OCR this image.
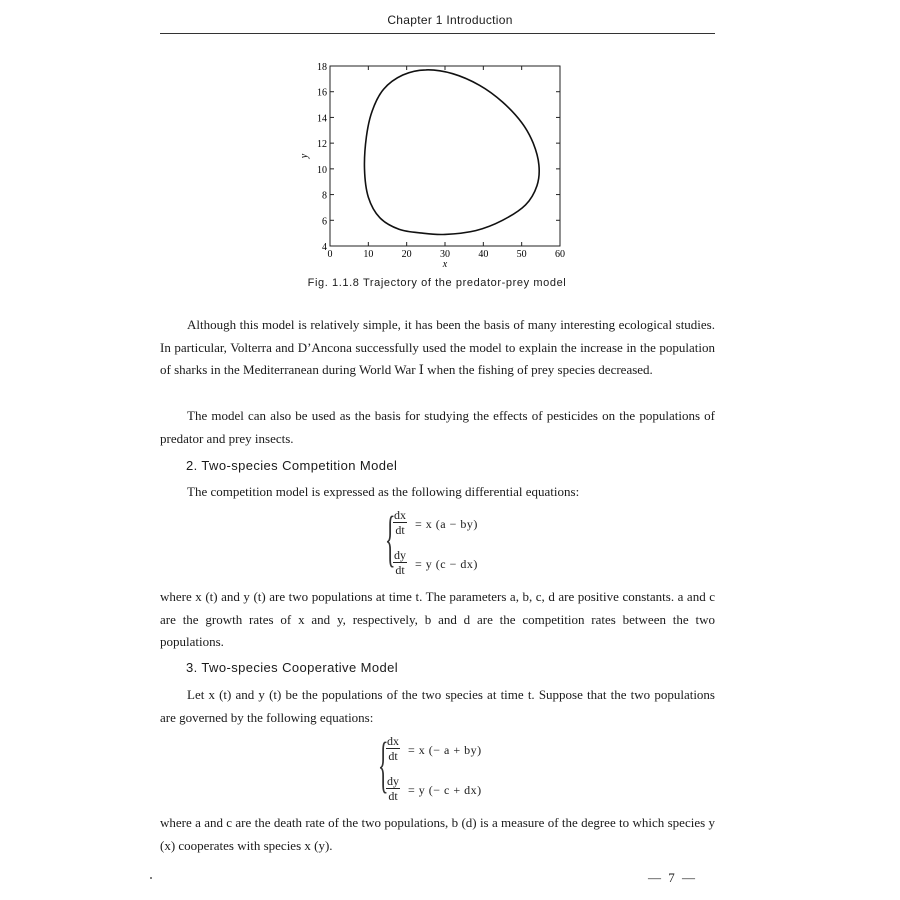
Chapter 1 Introduction
0	10	20	30	40	50	60
4
6
8
10
12
14
16
18
x
y
Fig. 1.1.8 Trajectory of the predator-prey model

Although this model is relatively simple, it has been the basis of many interesting ecological studies. In particular, Volterra and D’Ancona successfully used the model to explain the increase in the population of sharks in the Mediterranean during World War Ⅰ when the fishing of prey species decreased.

The model can also be used as the basis for studying the effects of pesticides on the populations of predator and prey insects.

2. Two-species Competition Model

The competition model is expressed as the following differential equations:

{
$\frac{dx}{dt} = x$ (a − by)
$\frac{dy}{dt} = y$ (c − dx)

where x (t) and y (t) are two populations at time t. The parameters a, b, c, d are positive constants. a and c are the growth rates of x and y, respectively, b and d are the competition rates between the two populations.

3. Two-species Cooperative Model

Let x (t) and y (t) be the populations of the two species at time t. Suppose that the two populations are governed by the following equations:

{
$\frac{dx}{dt} = x$ (− a + by)
$\frac{dy}{dt} = y$ (− c + dx)

where a and c are the death rate of the two populations, b (d) is a measure of the degree to which species y (x) cooperates with species x (y).

— 7 —
